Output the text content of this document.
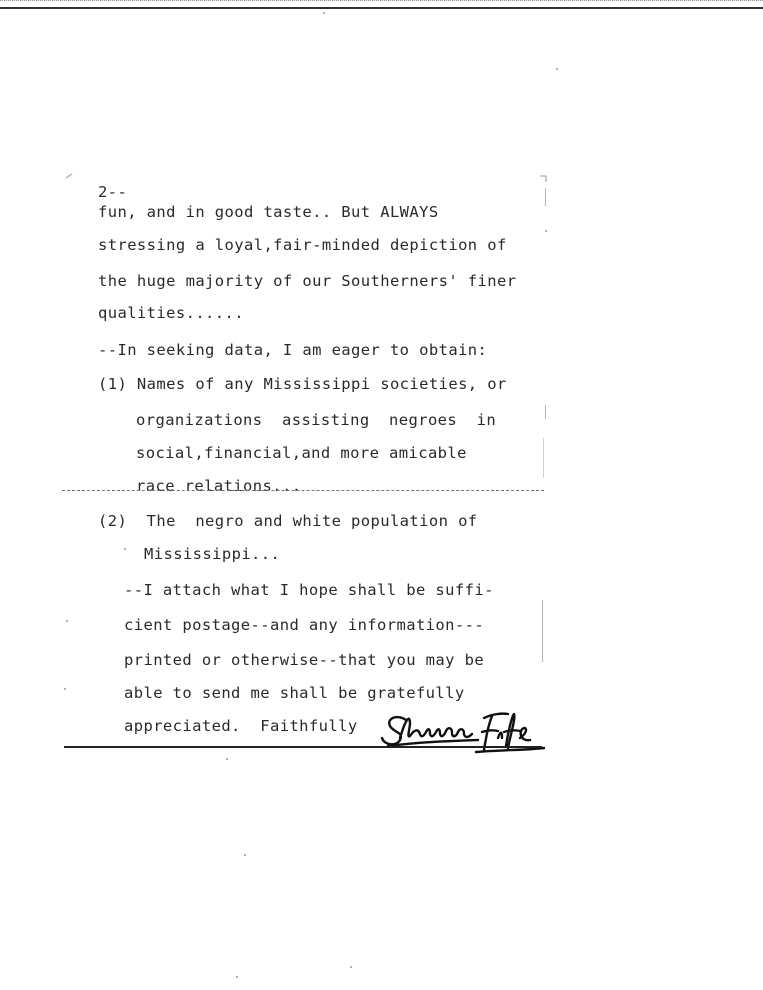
2--
fun, and in good taste.. But ALWAYS
stressing a loyal,fair-minded depiction of
the huge majority of our Southerners' finer
qualities......
--In seeking data, I am eager to obtain:
(1) Names of any Mississippi societies, or
organizations  assisting  negroes  in
social,financial,and more amicable
race relations...
(2)  The  negro and white population of
Mississippi...
--I attach what I hope shall be suffi-
cient postage--and any information---
printed or otherwise--that you may be
able to send me shall be gratefully
appreciated.  Faithfully
